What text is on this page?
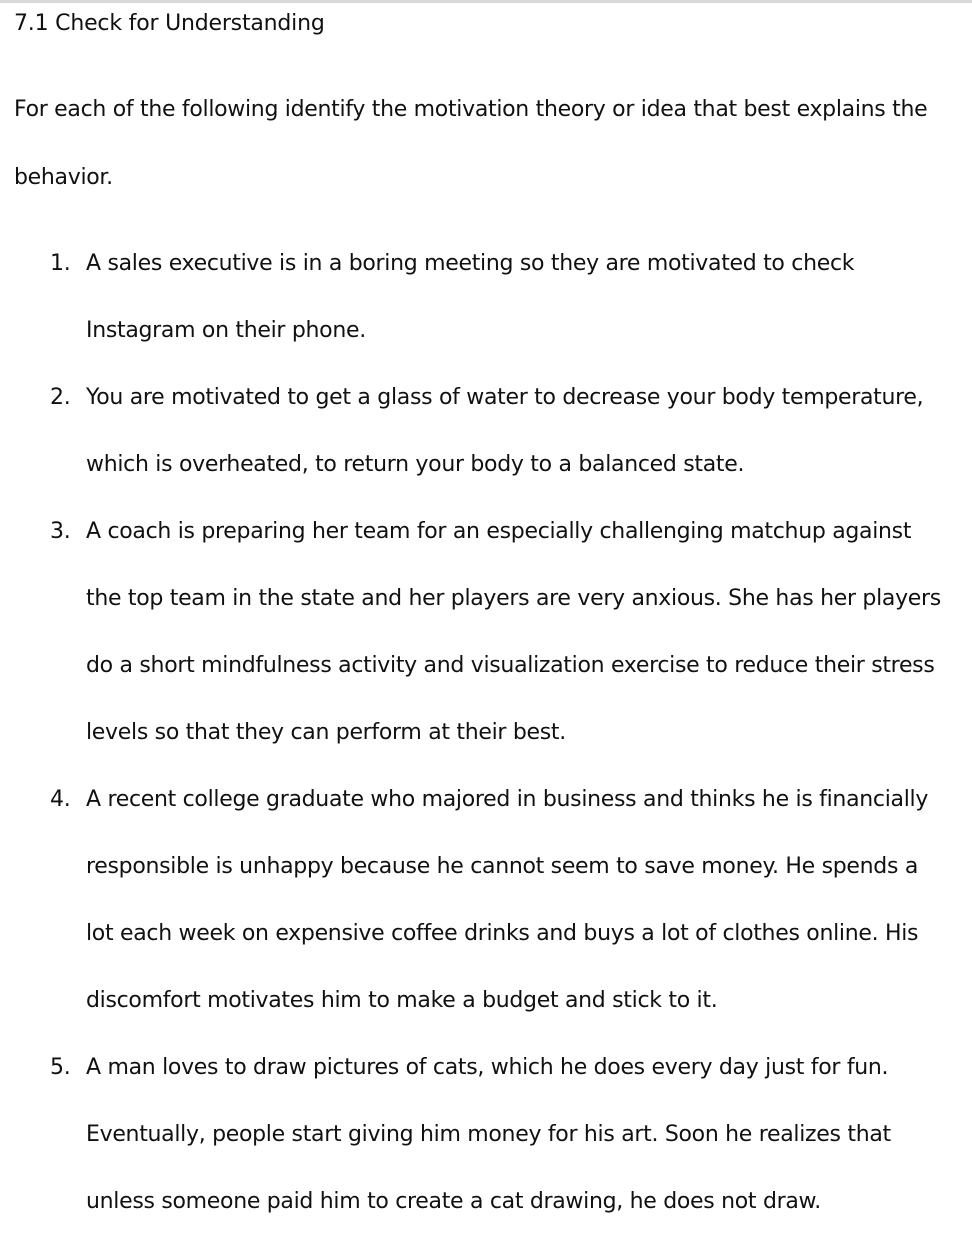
7.1 Check for Understanding

For each of the following identify the motivation theory or idea that best explains the behavior.

1. A sales executive is in a boring meeting so they are motivated to check Instagram on their phone.
2. You are motivated to get a glass of water to decrease your body temperature, which is overheated, to return your body to a balanced state.
3. A coach is preparing her team for an especially challenging matchup against the top team in the state and her players are very anxious. She has her players do a short mindfulness activity and visualization exercise to reduce their stress levels so that they can perform at their best.
4. A recent college graduate who majored in business and thinks he is financially responsible is unhappy because he cannot seem to save money. He spends a lot each week on expensive coffee drinks and buys a lot of clothes online. His discomfort motivates him to make a budget and stick to it.
5. A man loves to draw pictures of cats, which he does every day just for fun. Eventually, people start giving him money for his art. Soon he realizes that unless someone paid him to create a cat drawing, he does not draw.
